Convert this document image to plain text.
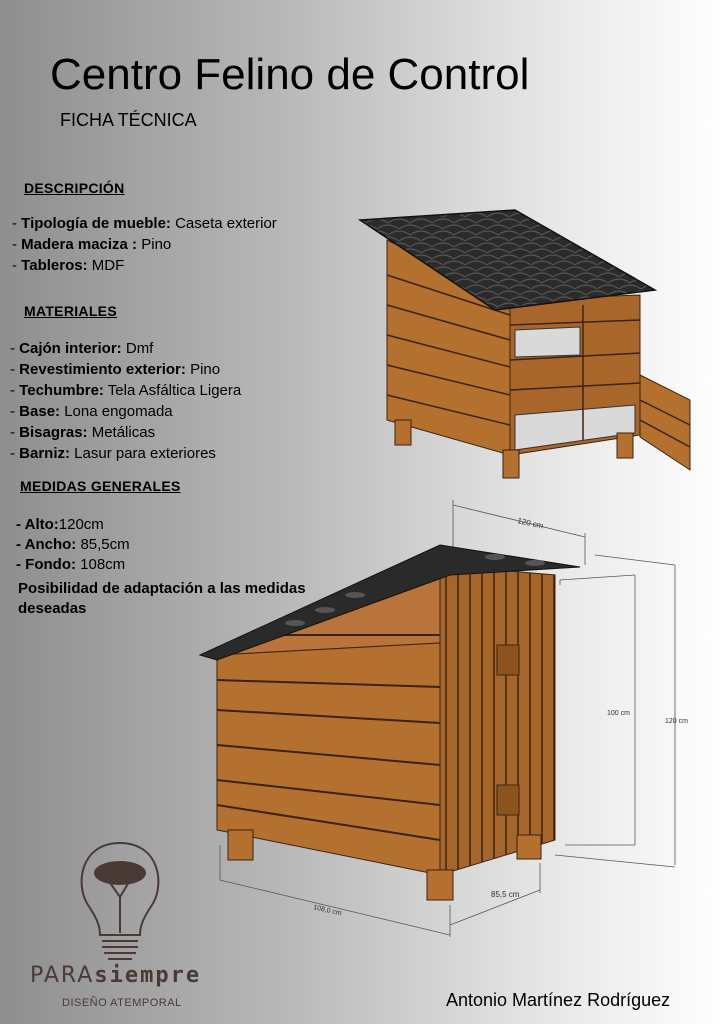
Centro Felino de Control
FICHA TÉCNICA
DESCRIPCIÓN
- Tipología de mueble: Caseta exterior
- Madera maciza : Pino
- Tableros: MDF
MATERIALES
- Cajón interior: Dmf
- Revestimiento exterior: Pino
- Techumbre: Tela Asfáltica Ligera
- Base: Lona engomada
- Bisagras: Metálicas
- Barniz: Lasur para exteriores
MEDIDAS GENERALES
- Alto:120cm
- Ancho: 85,5cm
- Fondo: 108cm
Posibilidad de adaptación a las medidas deseadas
120 cm
100 cm
120 cm
108,0 cm
85,5 cm
PARAsiempre
DISEÑO ATEMPORAL	Antonio Martínez Rodríguez
